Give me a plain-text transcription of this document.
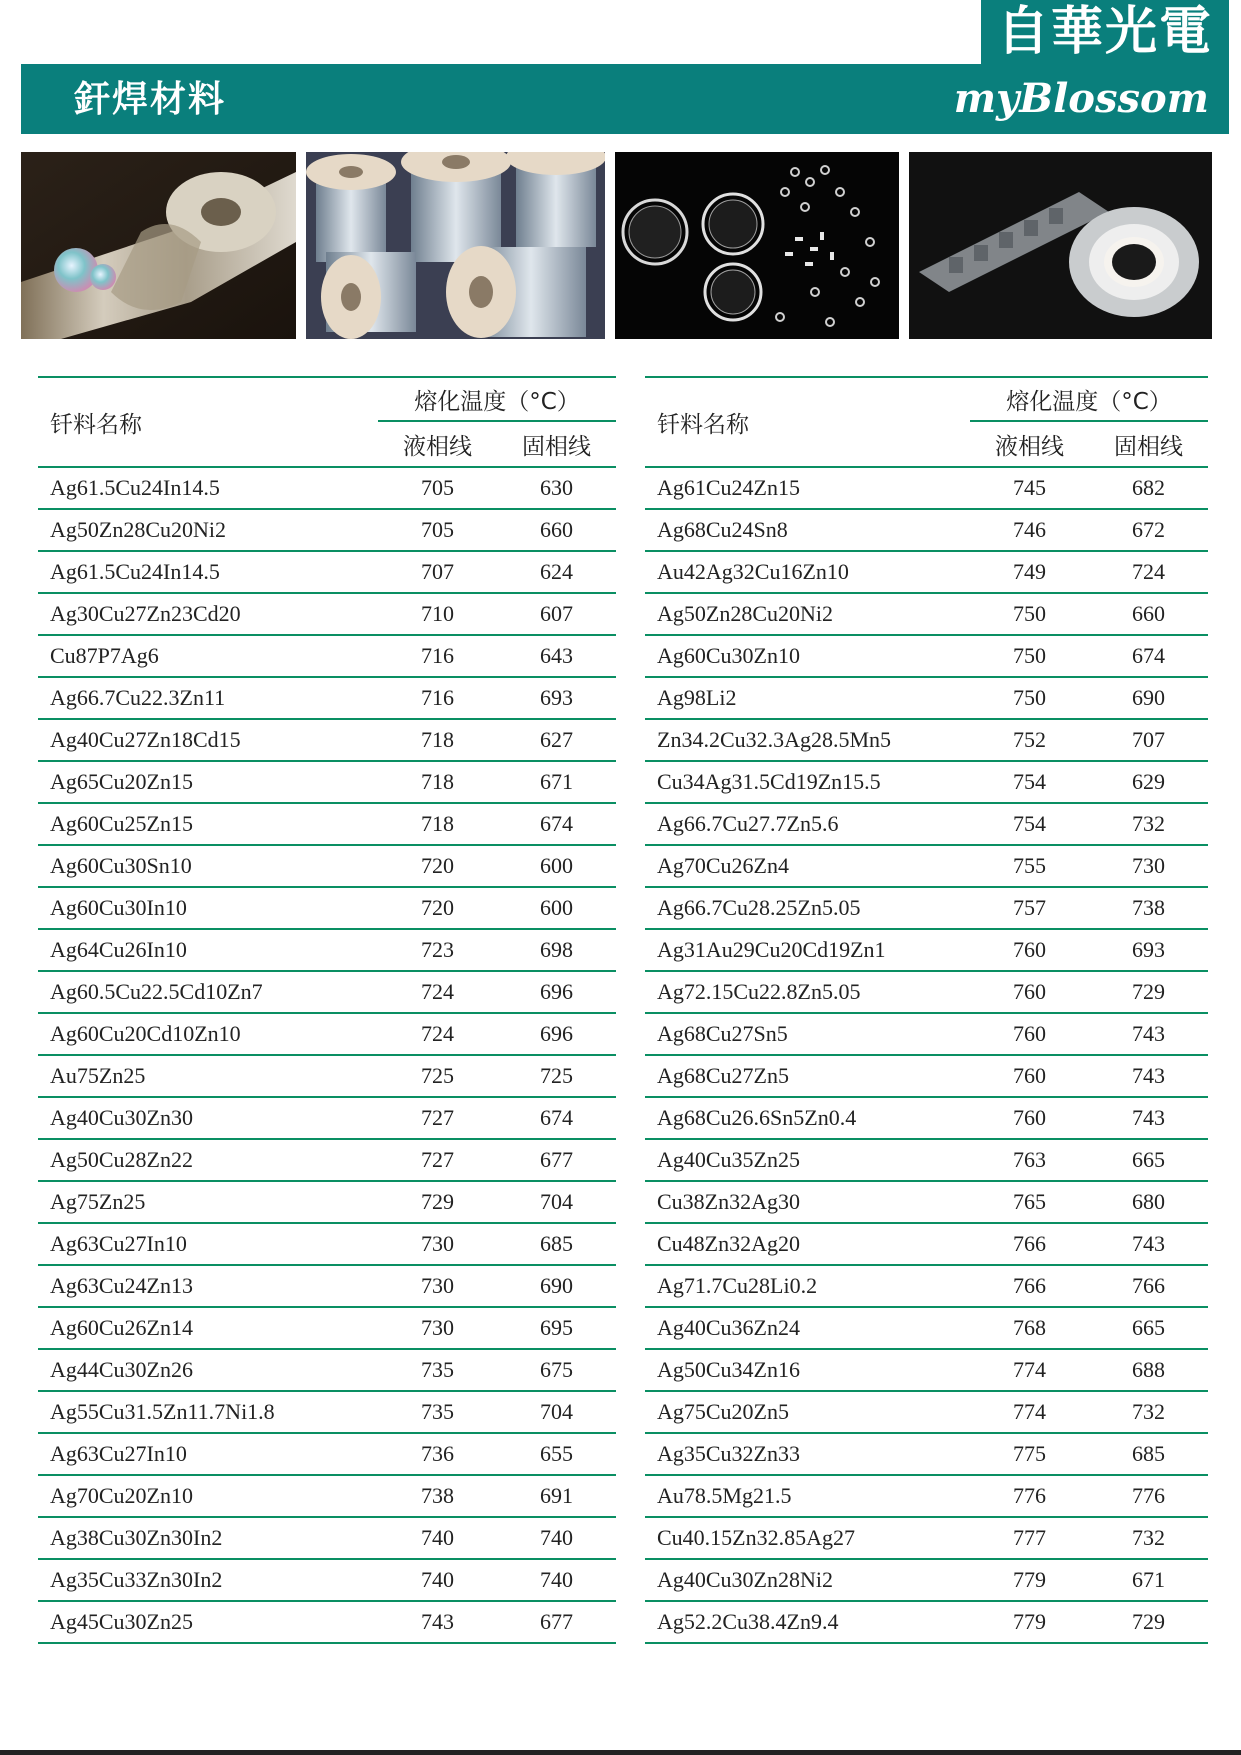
自華光電
釬焊材料	myBlossom
钎料名称	熔化温度（°C）	
	液相线	固相线
Ag61.5Cu24In14.5	705	630
Ag50Zn28Cu20Ni2	705	660
Ag61.5Cu24In14.5	707	624
Ag30Cu27Zn23Cd20	710	607
Cu87P7Ag6	716	643
Ag66.7Cu22.3Zn11	716	693
Ag40Cu27Zn18Cd15	718	627
Ag65Cu20Zn15	718	671
Ag60Cu25Zn15	718	674
Ag60Cu30Sn10	720	600
Ag60Cu30In10	720	600
Ag64Cu26In10	723	698
Ag60.5Cu22.5Cd10Zn7	724	696
Ag60Cu20Cd10Zn10	724	696
Au75Zn25	725	725
Ag40Cu30Zn30	727	674
Ag50Cu28Zn22	727	677
Ag75Zn25	729	704
Ag63Cu27In10	730	685
Ag63Cu24Zn13	730	690
Ag60Cu26Zn14	730	695
Ag44Cu30Zn26	735	675
Ag55Cu31.5Zn11.7Ni1.8	735	704
Ag63Cu27In10	736	655
Ag70Cu20Zn10	738	691
Ag38Cu30Zn30In2	740	740
Ag35Cu33Zn30In2	740	740
Ag45Cu30Zn25	743	677
钎料名称	熔化温度（°C）	
	液相线	固相线
Ag61Cu24Zn15	745	682
Ag68Cu24Sn8	746	672
Au42Ag32Cu16Zn10	749	724
Ag50Zn28Cu20Ni2	750	660
Ag60Cu30Zn10	750	674
Ag98Li2	750	690
Zn34.2Cu32.3Ag28.5Mn5	752	707
Cu34Ag31.5Cd19Zn15.5	754	629
Ag66.7Cu27.7Zn5.6	754	732
Ag70Cu26Zn4	755	730
Ag66.7Cu28.25Zn5.05	757	738
Ag31Au29Cu20Cd19Zn1	760	693
Ag72.15Cu22.8Zn5.05	760	729
Ag68Cu27Sn5	760	743
Ag68Cu27Zn5	760	743
Ag68Cu26.6Sn5Zn0.4	760	743
Ag40Cu35Zn25	763	665
Cu38Zn32Ag30	765	680
Cu48Zn32Ag20	766	743
Ag71.7Cu28Li0.2	766	766
Ag40Cu36Zn24	768	665
Ag50Cu34Zn16	774	688
Ag75Cu20Zn5	774	732
Ag35Cu32Zn33	775	685
Au78.5Mg21.5	776	776
Cu40.15Zn32.85Ag27	777	732
Ag40Cu30Zn28Ni2	779	671
Ag52.2Cu38.4Zn9.4	779	729
